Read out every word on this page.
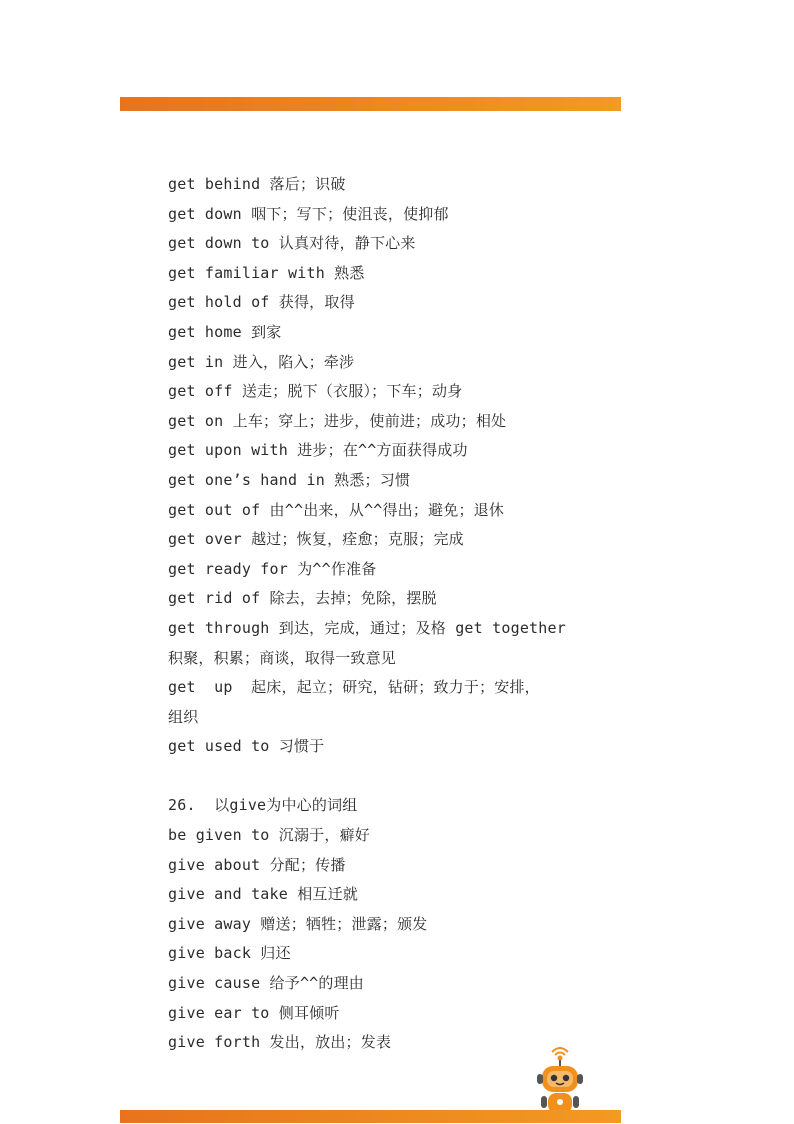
get behind 落后；识破
get down 咽下；写下；使沮丧，使抑郁
get down to 认真对待，静下心来
get familiar with 熟悉
get hold of 获得，取得
get home 到家
get in 进入，陷入；牵涉
get off 送走；脱下（衣服）；下车；动身
get on 上车；穿上；进步，使前进；成功；相处
get upon with 进步；在^^方面获得成功
get one’s hand in 熟悉；习惯
get out of 由^^出来，从^^得出；避免；退休
get over 越过；恢复，痊愈；克服；完成
get ready for 为^^作准备
get rid of 除去，去掉；免除，摆脱
get through 到达，完成，通过；及格 get together
积聚，积累；商谈，取得一致意见
get  up  起床，起立；研究，钻研；致力于；安排，
组织
get used to 习惯于
26.  以give为中心的词组
be given to 沉溺于，癖好
give about 分配；传播
give and take 相互迁就
give away 赠送；牺牲；泄露；颁发
give back 归还
give cause 给予^^的理由
give ear to 侧耳倾听
give forth 发出，放出；发表
